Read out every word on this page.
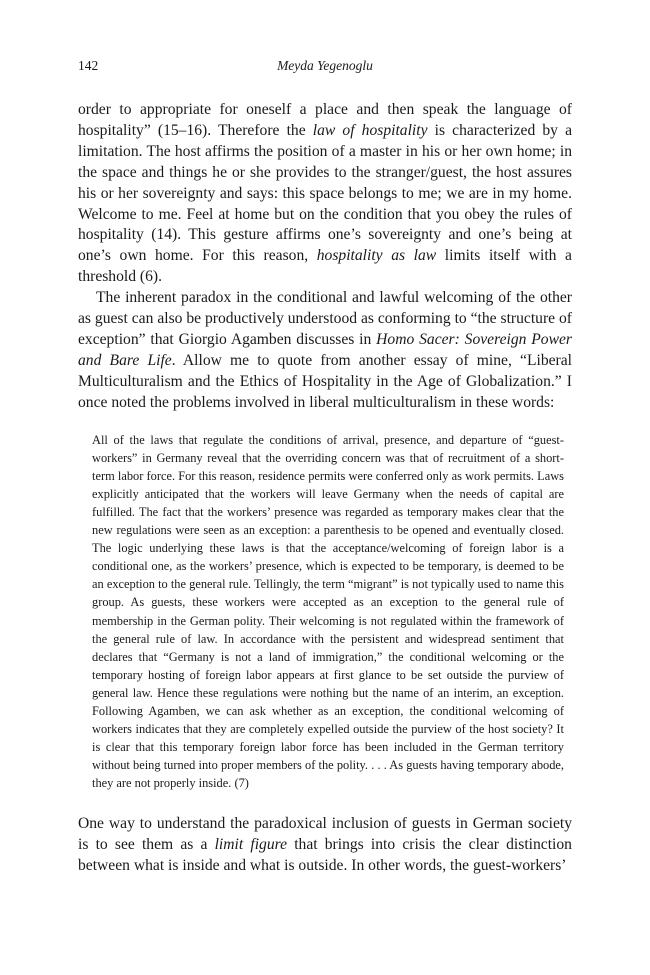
142	Meyda Yegenoglu

order to appropriate for oneself a place and then speak the language of hospitality” (15–16). Therefore the law of hospitality is characterized by a limitation. The host affirms the position of a master in his or her own home; in the space and things he or she provides to the stranger/guest, the host assures his or her sovereignty and says: this space belongs to me; we are in my home. Welcome to me. Feel at home but on the condition that you obey the rules of hospitality (14). This gesture affirms one’s sovereignty and one’s being at one’s own home. For this reason, hospitality as law limits itself with a threshold (6).

The inherent paradox in the conditional and lawful welcoming of the other as guest can also be productively understood as conforming to “the structure of exception” that Giorgio Agamben discusses in Homo Sacer: Sovereign Power and Bare Life. Allow me to quote from another essay of mine, “Liberal Multiculturalism and the Ethics of Hospitality in the Age of Globalization.” I once noted the problems involved in liberal multiculturalism in these words:

All of the laws that regulate the conditions of arrival, presence, and departure of “guest-workers” in Germany reveal that the overriding concern was that of recruitment of a short-term labor force. For this reason, residence permits were conferred only as work permits. Laws explicitly anticipated that the workers will leave Germany when the needs of capital are fulfilled. The fact that the workers’ presence was regarded as temporary makes clear that the new regulations were seen as an exception: a parenthesis to be opened and eventually closed. The logic underlying these laws is that the acceptance/welcoming of foreign labor is a conditional one, as the workers’ presence, which is expected to be temporary, is deemed to be an exception to the general rule. Tellingly, the term “migrant” is not typically used to name this group. As guests, these workers were accepted as an exception to the general rule of membership in the German polity. Their welcoming is not regulated within the framework of the general rule of law. In accordance with the persistent and widespread sentiment that declares that “Germany is not a land of immigration,” the conditional welcoming or the temporary hosting of foreign labor appears at first glance to be set outside the purview of general law. Hence these regulations were nothing but the name of an interim, an exception. Following Agamben, we can ask whether as an exception, the conditional welcoming of workers indicates that they are completely expelled outside the purview of the host society? It is clear that this temporary foreign labor force has been included in the German territory without being turned into proper members of the polity. . . . As guests having temporary abode, they are not properly inside. (7)

One way to understand the paradoxical inclusion of guests in German society is to see them as a limit figure that brings into crisis the clear distinction between what is inside and what is outside. In other words, the guest-workers’
